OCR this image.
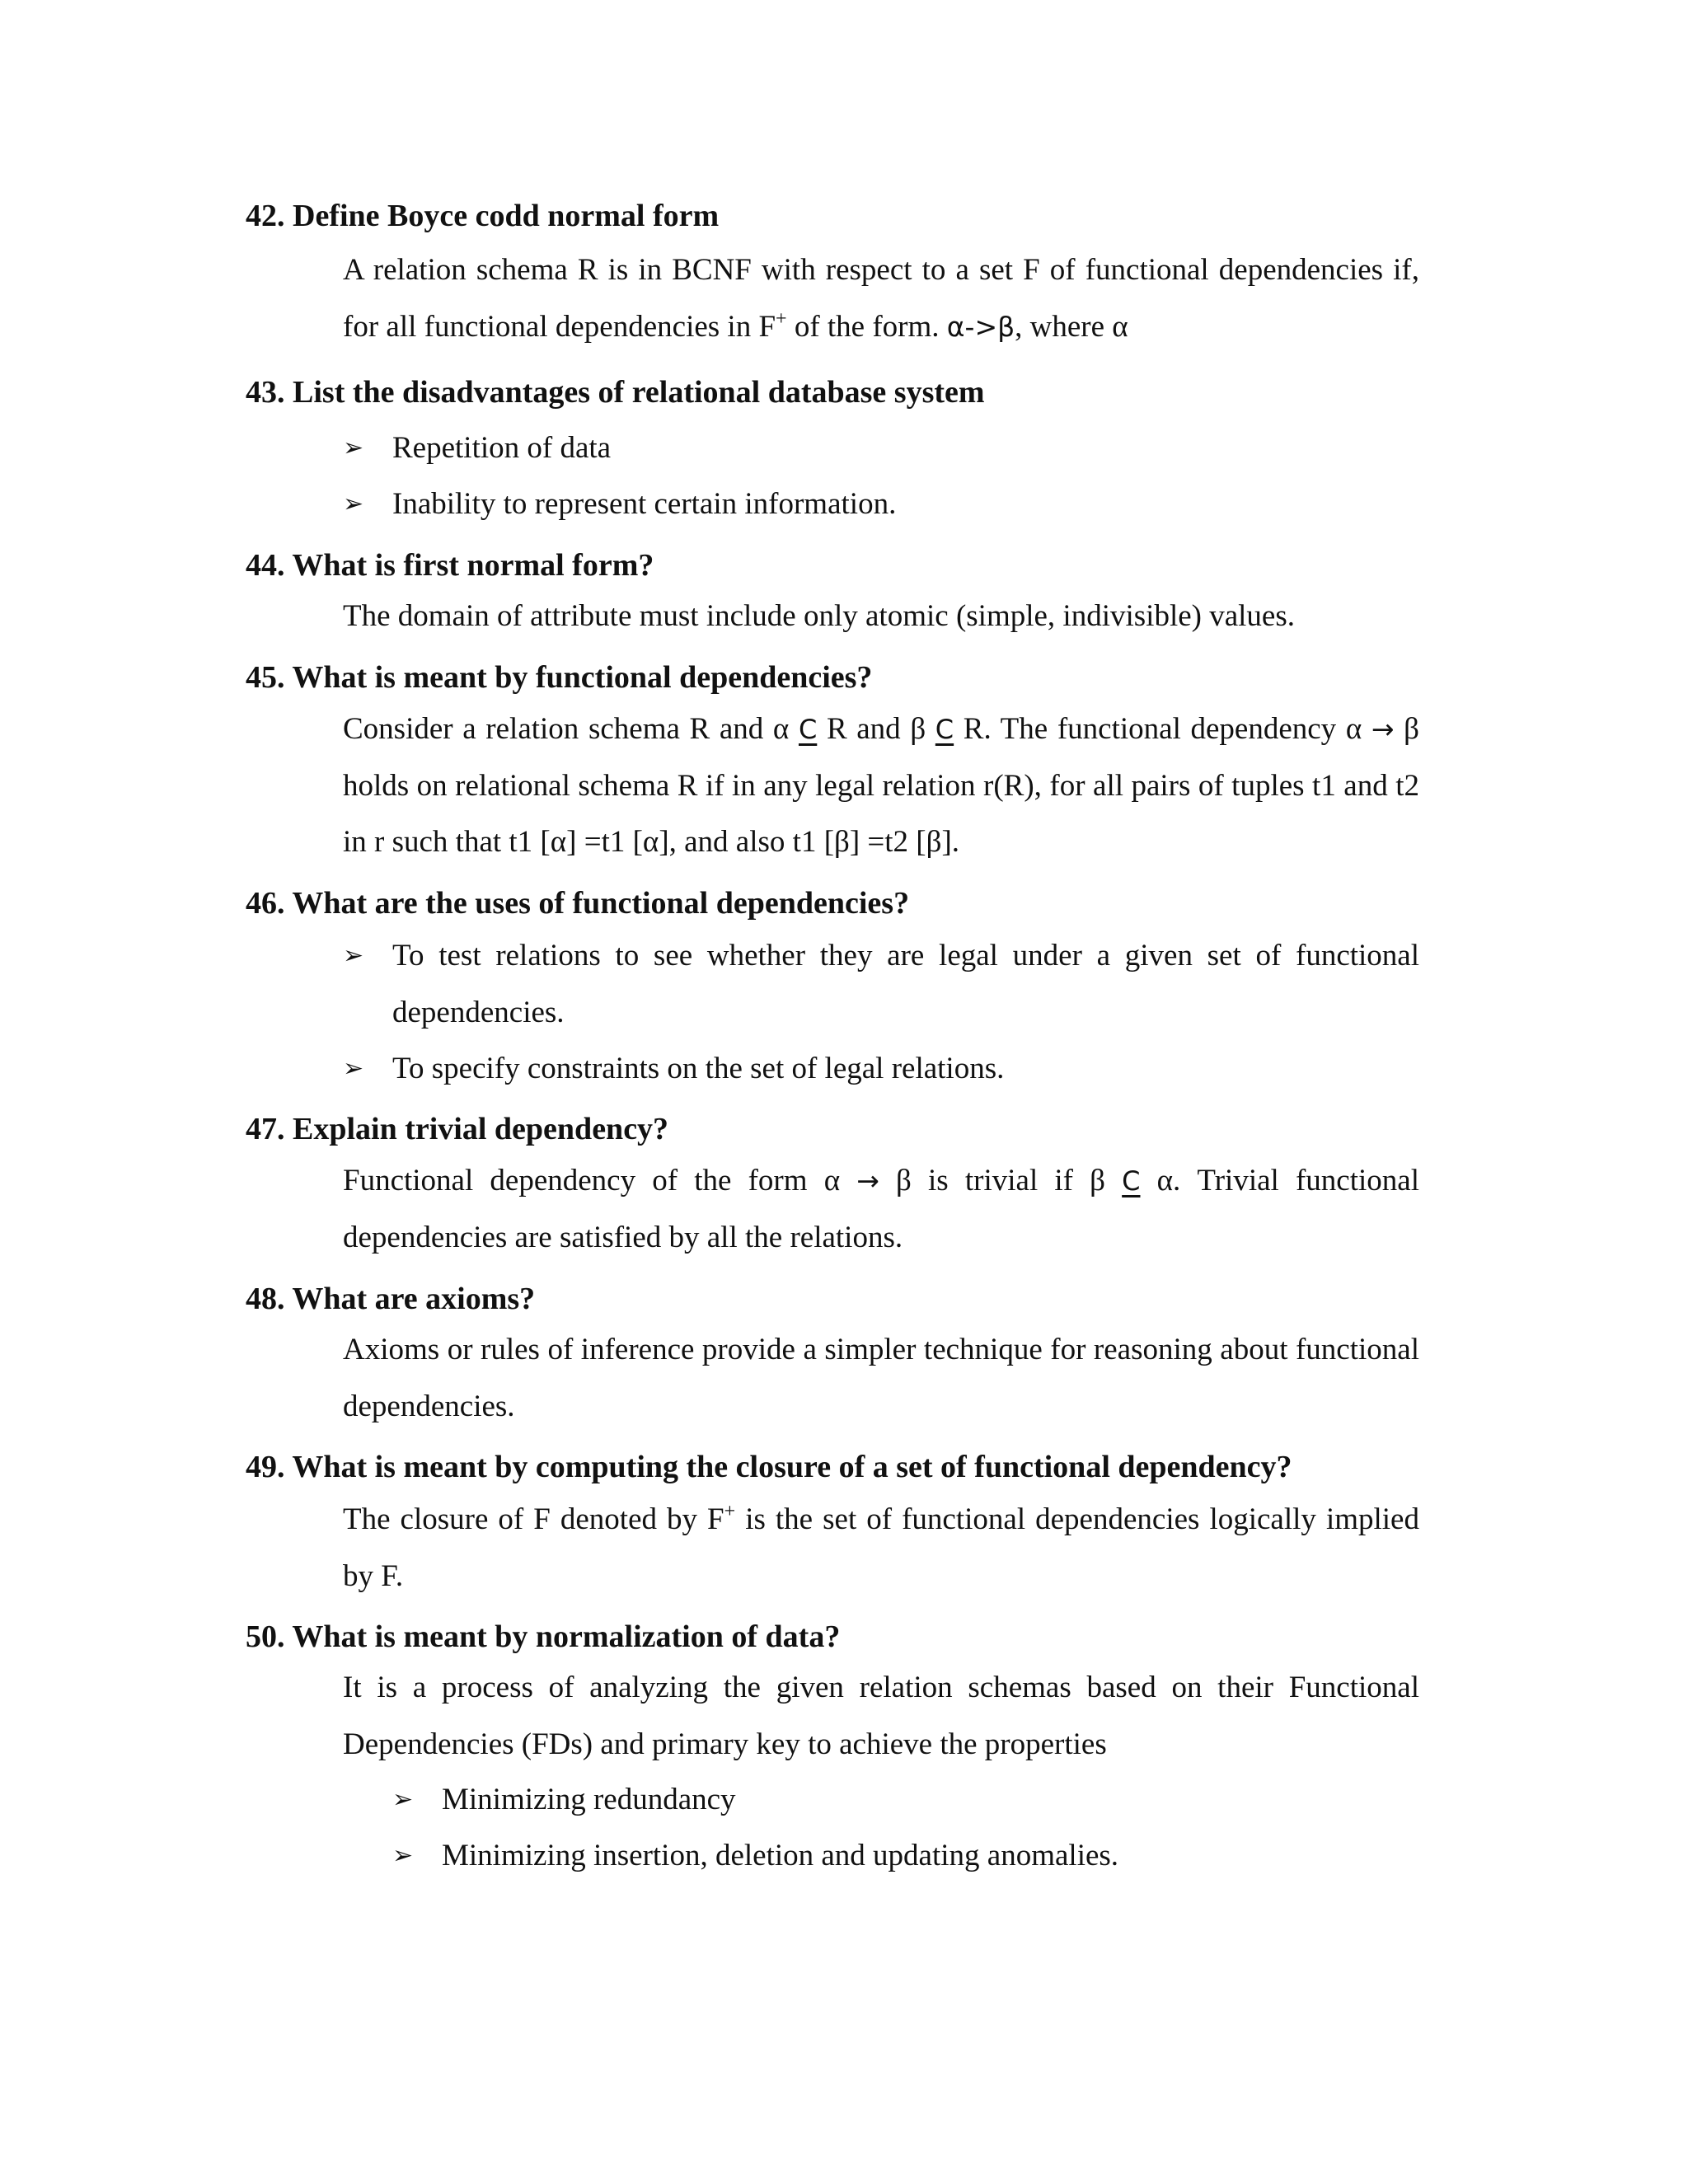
42. Define Boyce codd normal form
A relation schema R is in BCNF with respect to a set F of functional dependencies if, for all functional dependencies in F+ of the form. α->β, where α
43. List the disadvantages of relational database system
➢ Repetition of data
➢ Inability to represent certain information.
44. What is first normal form?
The domain of attribute must include only atomic (simple, indivisible) values.
45. What is meant by functional dependencies?
Consider a relation schema R and α C R and β C R. The functional dependency α → β holds on relational schema R if in any legal relation r(R), for all pairs of tuples t1 and t2 in r such that t1 [α] =t1 [α], and also t1 [β] =t2 [β].
46. What are the uses of functional dependencies?
➢ To test relations to see whether they are legal under a given set of functional dependencies.
➢ To specify constraints on the set of legal relations.
47. Explain trivial dependency?
Functional dependency of the form α → β is trivial if β C α. Trivial functional dependencies are satisfied by all the relations.
48. What are axioms?
Axioms or rules of inference provide a simpler technique for reasoning about functional dependencies.
49. What is meant by computing the closure of a set of functional dependency?
The closure of F denoted by F+ is the set of functional dependencies logically implied by F.
50. What is meant by normalization of data?
It is a process of analyzing the given relation schemas based on their Functional Dependencies (FDs) and primary key to achieve the properties
➢ Minimizing redundancy
➢ Minimizing insertion, deletion and updating anomalies.
